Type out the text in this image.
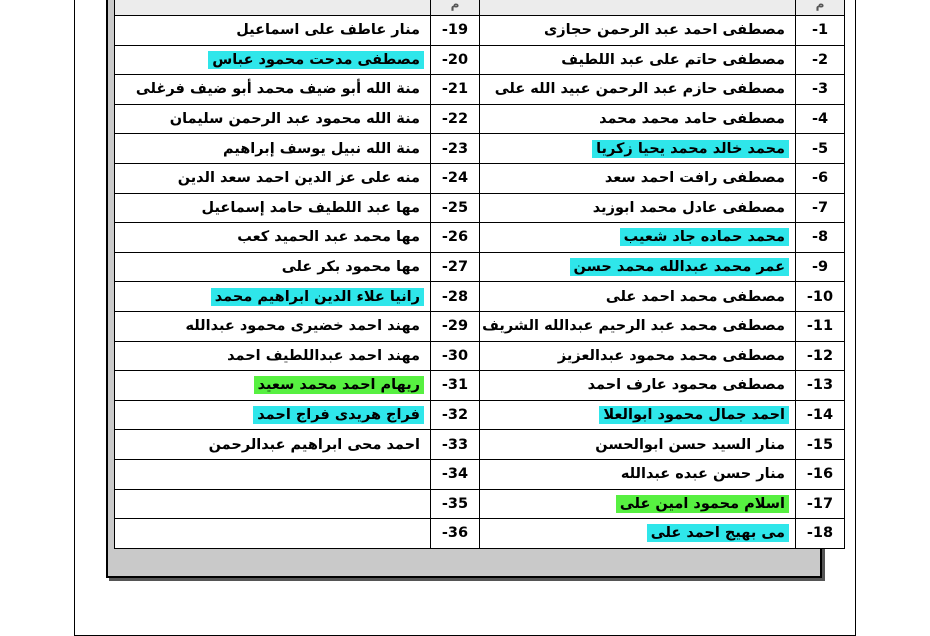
م		م	
-1	مصطفى احمد عبد الرحمن حجازى	-19	منار عاطف على اسماعيل
-2	مصطفى حاتم على عبد اللطيف	-20	مصطفى مدحت محمود عباس
-3	مصطفى حازم عبد الرحمن عبيد الله على	-21	منة الله أبو ضيف محمد أبو ضيف فرغلى
-4	مصطفى حامد محمد محمد	-22	منة الله محمود عبد الرحمن سليمان
-5	محمد خالد محمد يحيا زكريا	-23	منة الله نبيل يوسف إبراهيم
-6	مصطفى رافت احمد سعد	-24	منه على عز الدين احمد سعد الدين
-7	مصطفى عادل محمد ابوزيد	-25	مها عبد اللطيف حامد إسماعيل
-8	محمد حماده جاد شعيب	-26	مها محمد عبد الحميد كعب
-9	عمر محمد عبدالله محمد حسن	-27	مها محمود بكر على
-10	مصطفى محمد احمد على	-28	رانيا علاء الدين ابراهيم محمد
-11	مصطفى محمد عبد الرحيم عبدالله الشريف	-29	مهند احمد خضيرى محمود عبدالله
-12	مصطفى محمد محمود عبدالعزيز	-30	مهند احمد عبداللطيف احمد
-13	مصطفى محمود عارف احمد	-31	ريهام احمد محمد سعيد
-14	احمد جمال محمود ابوالعلا	-32	فراج هريدى فراج احمد
-15	منار السيد حسن ابوالحسن	-33	احمد محى ابراهيم عبدالرحمن
-16	منار حسن عبده عبدالله	-34	
-17	اسلام محمود امين على	-35	
-18	مى بهيج احمد على	-36	
